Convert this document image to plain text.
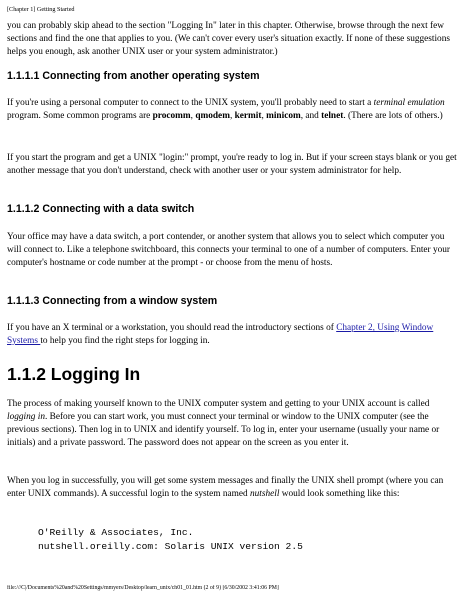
[Chapter 1] Getting Started

you can probably skip ahead to the section "Logging In" later in this chapter. Otherwise, browse through the next few sections and find the one that applies to you. (We can't cover every user's situation exactly. If none of these suggestions helps you enough, ask another UNIX user or your system administrator.)

1.1.1.1 Connecting from another operating system

If you're using a personal computer to connect to the UNIX system, you'll probably need to start a terminal emulation program. Some common programs are procomm, qmodem, kermit, minicom, and telnet. (There are lots of others.)

If you start the program and get a UNIX "login:" prompt, you're ready to log in. But if your screen stays blank or you get another message that you don't understand, check with another user or your system administrator for help.

1.1.1.2 Connecting with a data switch

Your office may have a data switch, a port contender, or another system that allows you to select which computer you will connect to. Like a telephone switchboard, this connects your terminal to one of a number of computers. Enter your computer's hostname or code number at the prompt - or choose from the menu of hosts.

1.1.1.3 Connecting from a window system

If you have an X terminal or a workstation, you should read the introductory sections of Chapter 2, Using Window Systems to help you find the right steps for logging in.

1.1.2 Logging In

The process of making yourself known to the UNIX computer system and getting to your UNIX account is called logging in. Before you can start work, you must connect your terminal or window to the UNIX computer (see the previous sections). Then log in to UNIX and identify yourself. To log in, enter your username (usually your name or initials) and a private password. The password does not appear on the screen as you enter it.

When you log in successfully, you will get some system messages and finally the UNIX shell prompt (where you can enter UNIX commands). A successful login to the system named nutshell would look something like this:

O'Reilly & Associates, Inc.
nutshell.oreilly.com: Solaris UNIX version 2.5
file:///C|/Documents%20and%20Settings/mmyers/Desktop/learn_unix/ch01_01.htm (2 of 9) [6/30/2002 3:41:06 PM]
